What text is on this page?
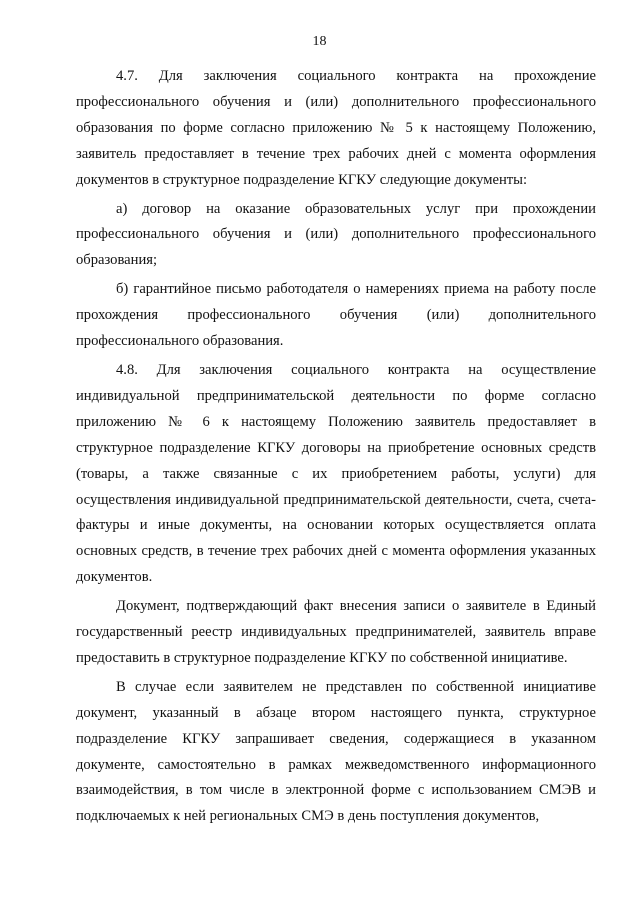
18

4.7. Для заключения социального контракта на прохождение профессионального обучения и (или) дополнительного профессионального образования по форме согласно приложению № 5 к настоящему Положению, заявитель предоставляет в течение трех рабочих дней с момента оформления документов в структурное подразделение КГКУ следующие документы:

а) договор на оказание образовательных услуг при прохождении профессионального обучения и (или) дополнительного профессионального образования;

б) гарантийное письмо работодателя о намерениях приема на работу после прохождения профессионального обучения (или) дополнительного профессионального образования.

4.8. Для заключения социального контракта на осуществление индивидуальной предпринимательской деятельности по форме согласно приложению № 6 к настоящему Положению заявитель предоставляет в структурное подразделение КГКУ договоры на приобретение основных средств (товары, а также связанные с их приобретением работы, услуги) для осуществления индивидуальной предпринимательской деятельности, счета, счета-фактуры и иные документы, на основании которых осуществляется оплата основных средств, в течение трех рабочих дней с момента оформления указанных документов.

Документ, подтверждающий факт внесения записи о заявителе в Единый государственный реестр индивидуальных предпринимателей, заявитель вправе предоставить в структурное подразделение КГКУ по собственной инициативе.

В случае если заявителем не представлен по собственной инициативе документ, указанный в абзаце втором настоящего пункта, структурное подразделение КГКУ запрашивает сведения, содержащиеся в указанном документе, самостоятельно в рамках межведомственного информационного взаимодействия, в том числе в электронной форме с использованием СМЭВ и подключаемых к ней региональных СМЭ в день поступления документов,
